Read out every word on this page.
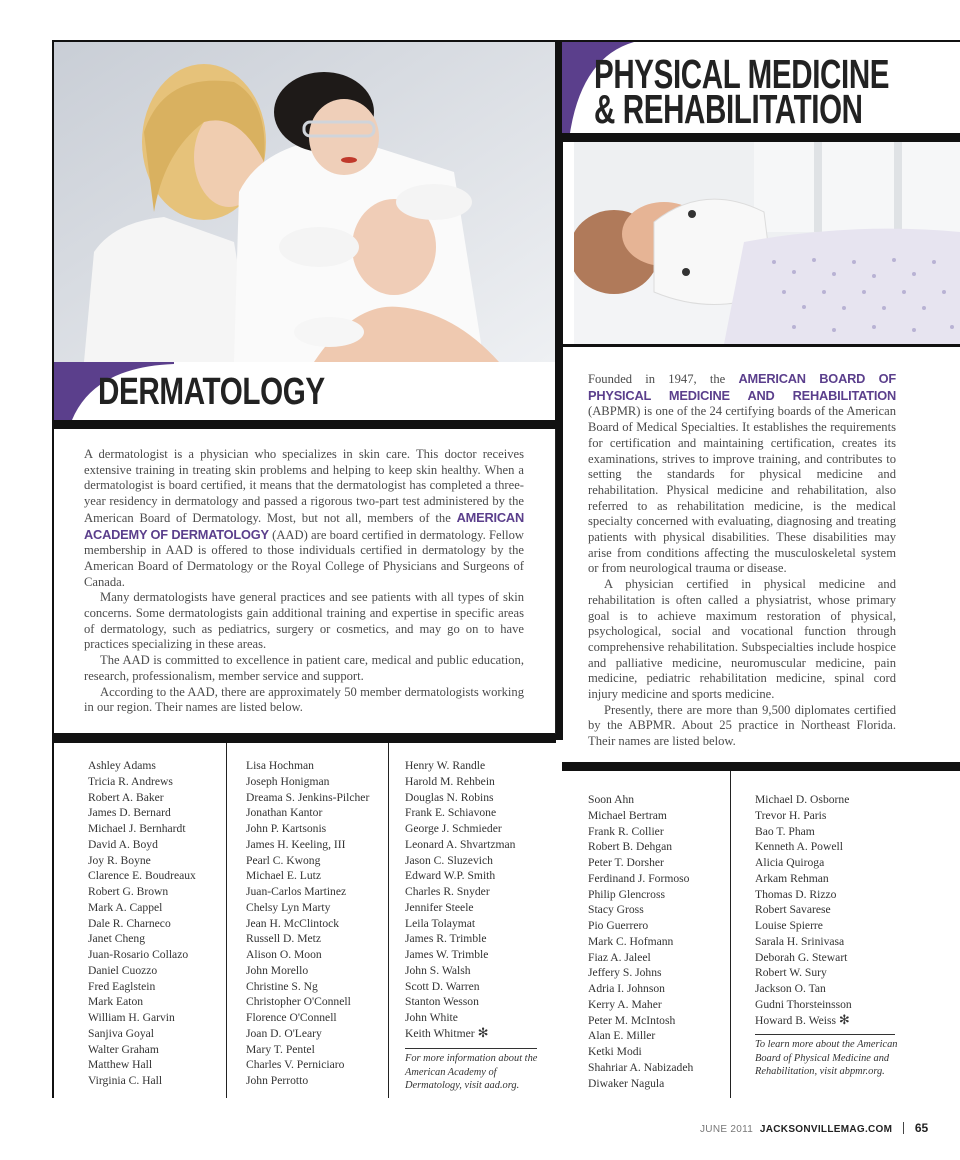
DERMATOLOGY

A dermatologist is a physician who specializes in skin care. This doctor receives extensive training in treating skin problems and helping to keep skin healthy. When a dermatologist is board certified, it means that the dermatologist has completed a three-year residency in dermatology and passed a rigorous two-part test administered by the American Board of Dermatology. Most, but not all, members of the AMERICAN ACADEMY OF DERMATOLOGY (AAD) are board certified in dermatology. Fellow membership in AAD is offered to those individuals certified in dermatology by the American Board of Dermatology or the Royal College of Physicians and Surgeons of Canada.

Many dermatologists have general practices and see patients with all types of skin concerns. Some dermatologists gain additional training and expertise in specific areas of dermatology, such as pediatrics, surgery or cosmetics, and may go on to have practices specializing in these areas.

The AAD is committed to excellence in patient care, medical and public education, research, professionalism, member service and support.

According to the AAD, there are approximately 50 member dermatologists working in our region. Their names are listed below.

Ashley Adams
Tricia R. Andrews
Robert A. Baker
James D. Bernard
Michael J. Bernhardt
David A. Boyd
Joy R. Boyne
Clarence E. Boudreaux
Robert G. Brown
Mark A. Cappel
Dale R. Charneco
Janet Cheng
Juan-Rosario Collazo
Daniel Cuozzo
Fred Eaglstein
Mark Eaton
William H. Garvin
Sanjiva Goyal
Walter Graham
Matthew Hall
Virginia C. Hall
Lisa Hochman
Joseph Honigman
Dreama S. Jenkins-Pilcher
Jonathan Kantor
John P. Kartsonis
James H. Keeling, III
Pearl C. Kwong
Michael E. Lutz
Juan-Carlos Martinez
Chelsy Lyn Marty
Jean H. McClintock
Russell D. Metz
Alison O. Moon
John Morello
Christine S. Ng
Christopher O'Connell
Florence O'Connell
Joan D. O'Leary
Mary T. Pentel
Charles V. Perniciaro
John Perrotto
Henry W. Randle
Harold M. Rehbein
Douglas N. Robins
Frank E. Schiavone
George J. Schmieder
Leonard A. Shvartzman
Jason C. Sluzevich
Edward W.P. Smith
Charles R. Snyder
Jennifer Steele
Leila Tolaymat
James R. Trimble
James W. Trimble
John S. Walsh
Scott D. Warren
Stanton Wesson
John White
Keith Whitmer ✻
For more information about the American Academy of Dermatology, visit aad.org.
PHYSICAL MEDICINE
& REHABILITATION

Founded in 1947, the AMERICAN BOARD OF PHYSICAL MEDICINE AND REHABILITATION (ABPMR) is one of the 24 certifying boards of the American Board of Medical Specialties. It establishes the requirements for certification and maintaining certification, creates its examinations, strives to improve training, and contributes to setting the standards for physical medicine and rehabilitation. Physical medicine and rehabilitation, also referred to as rehabilitation medicine, is the medical specialty concerned with evaluating, diagnosing and treating patients with physical disabilities. These disabilities may arise from conditions affecting the musculoskeletal system or from neurological trauma or disease.

A physician certified in physical medicine and rehabilitation is often called a physiatrist, whose primary goal is to achieve maximum restoration of physical, psychological, social and vocational function through comprehensive rehabilitation. Subspecialties include hospice and palliative medicine, neuromuscular medicine, pain medicine, pediatric rehabilitation medicine, spinal cord injury medicine and sports medicine.

Presently, there are more than 9,500 diplomates certified by the ABPMR. About 25 practice in Northeast Florida. Their names are listed below.

Soon Ahn
Michael Bertram
Frank R. Collier
Robert B. Dehgan
Peter T. Dorsher
Ferdinand J. Formoso
Philip Glencross
Stacy Gross
Pio Guerrero
Mark C. Hofmann
Fiaz A. Jaleel
Jeffery S. Johns
Adria I. Johnson
Kerry A. Maher
Peter M. McIntosh
Alan E. Miller
Ketki Modi
Shahriar A. Nabizadeh
Diwaker Nagula
Michael D. Osborne
Trevor H. Paris
Bao T. Pham
Kenneth A. Powell
Alicia Quiroga
Arkam Rehman
Thomas D. Rizzo
Robert Savarese
Louise Spierre
Sarala H. Srinivasa
Deborah G. Stewart
Robert W. Sury
Jackson O. Tan
Gudni Thorsteinsson
Howard B. Weiss ✻
To learn more about the American Board of Physical Medicine and Rehabilitation, visit abpmr.org.
JUNE 2011 JACKSONVILLEMAG.COM 65
